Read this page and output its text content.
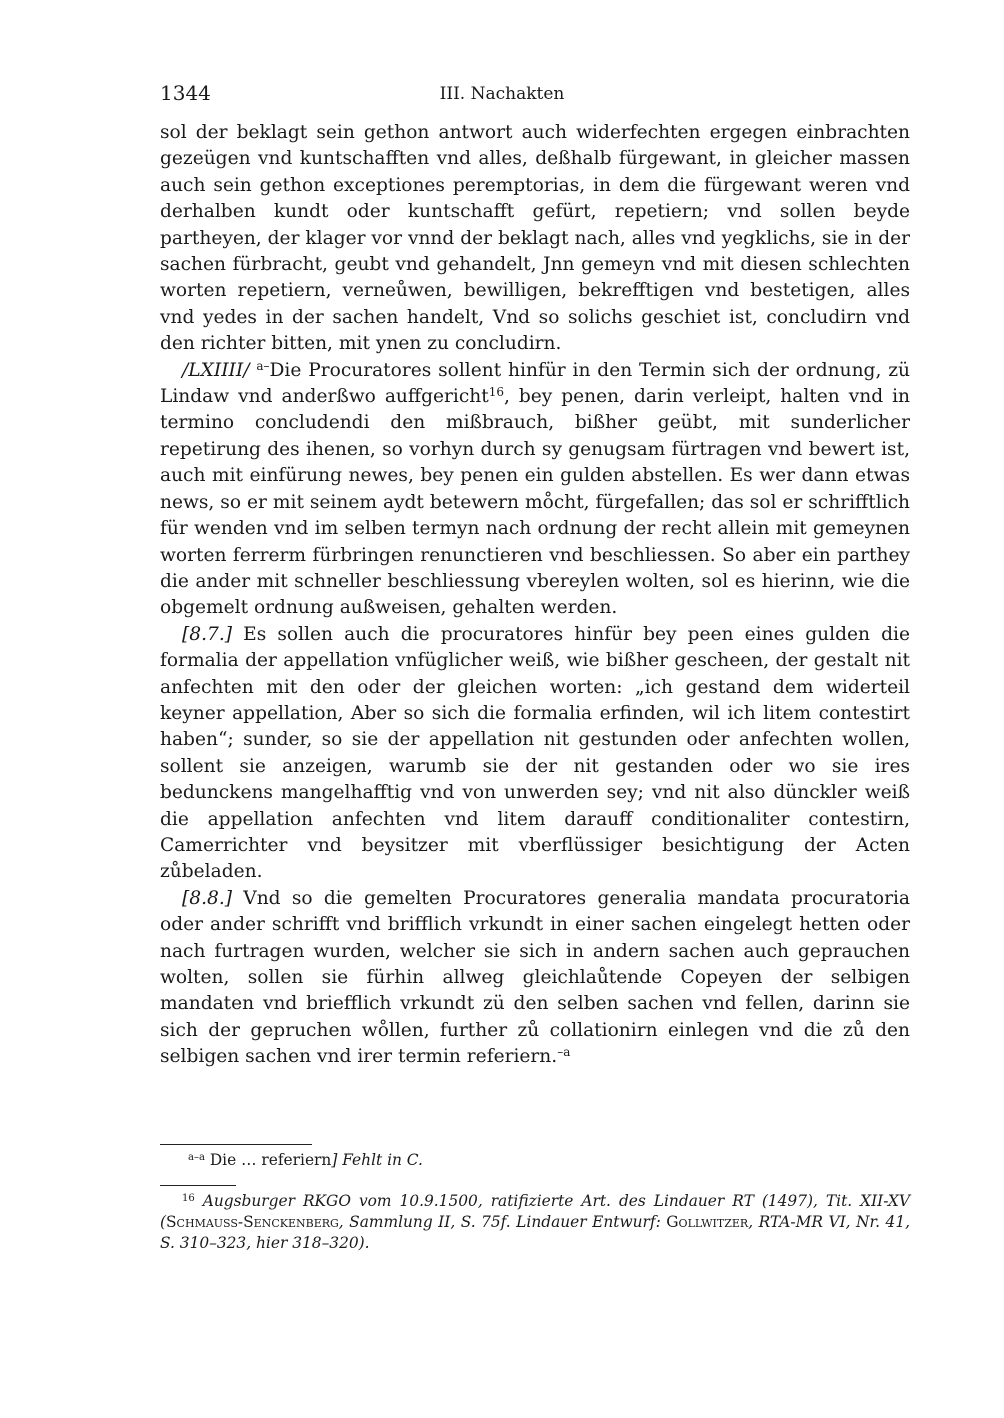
1344	III. Nachakten

sol der beklagt sein gethon antwort auch widerfechten ergegen einbrachten gezeügen vnd kuntschafften vnd alles, deßhalb fürgewant, in gleicher massen auch sein gethon exceptiones peremptorias, in dem die fürgewant weren vnd derhalben kundt oder kuntschafft gefürt, repetiern; vnd sollen beyde partheyen, der klager vor vnnd der beklagt nach, alles vnd yegklichs, sie in der sachen fürbracht, geubt vnd gehandelt, Jnn gemeyn vnd mit diesen schlechten worten repetiern, verneůwen, bewilligen, bekrefftigen vnd bestetigen, alles vnd yedes in der sachen handelt, Vnd so solichs geschiet ist, concludirn vnd den richter bitten, mit ynen zu concludirn.

/LXIIII/ $^{a-}$Die Procuratores sollent hinfür in den Termin sich der ordnung, zü Lindaw vnd anderßwo auffgericht$^{16}$, bey penen, darin verleipt, halten vnd in termino concludendi den mißbrauch, bißher geübt, mit sunderlicher repetirung des ihenen, so vorhyn durch sy genugsam fürtragen vnd bewert ist, auch mit einfürung newes, bey penen ein gulden abstellen. Es wer dann etwas news, so er mit seinem aydt betewern mo̊cht, fürgefallen; das sol er schrifftlich für wenden vnd im selben termyn nach ordnung der recht allein mit gemeynen worten ferrerm fürbringen renunctieren vnd beschliessen. So aber ein parthey die ander mit schneller beschliessung vbereylen wolten, sol es hierinn, wie die obgemelt ordnung außweisen, gehalten werden.

[8.7.] Es sollen auch die procuratores hinfür bey peen eines gulden die formalia der appellation vnfüglicher weiß, wie bißher gescheen, der gestalt nit anfechten mit den oder der gleichen worten: „ich gestand dem widerteil keyner appellation, Aber so sich die formalia erfinden, wil ich litem contestirt haben“; sunder, so sie der appellation nit gestunden oder anfechten wollen, sollent sie anzeigen, warumb sie der nit gestanden oder wo sie ires bedunckens mangelhafftig vnd von unwerden sey; vnd nit also dünckler weiß die appellation anfechten vnd litem darauff conditionaliter contestirn, Camerrichter vnd beysitzer mit vberflüssiger besichtigung der Acten zůbeladen.

[8.8.] Vnd so die gemelten Procuratores generalia mandata procuratoria oder ander schrifft vnd brifflich vrkundt in einer sachen eingelegt hetten oder nach furtragen wurden, welcher sie sich in andern sachen auch geprauchen wolten, sollen sie fürhin allweg gleichlaůtende Copeyen der selbigen mandaten vnd briefflich vrkundt zü den selben sachen vnd fellen, darinn sie sich der gepruchen wo̊llen, further zů collationirn einlegen vnd die zů den selbigen sachen vnd irer termin referiern.$^{-a}$

$^{a-a}$ Die … referiern] Fehlt in C.
$^{16}$ Augsburger RKGO vom 10.9.1500, ratifizierte Art. des Lindauer RT (1497), Tit. XII-XV (Schmauss-Senckenberg, Sammlung II, S. 75f. Lindauer Entwurf: Gollwitzer, RTA-MR VI, Nr. 41, S. 310–323, hier 318–320).
